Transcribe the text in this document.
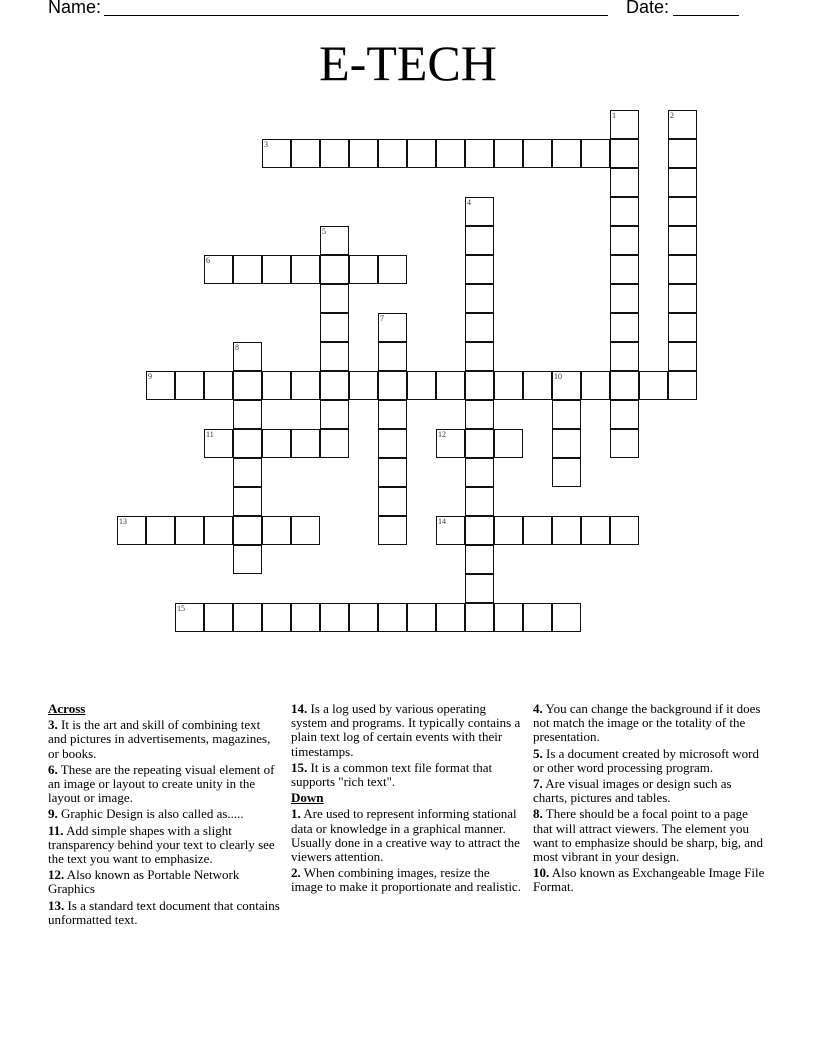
Name:	Date:
E-TECH
1	2
3
4
5
6
7
8
9	10
11	12
13	14
15
Across
3. It is the art and skill of combining text and pictures in advertisements, magazines, or books.
6. These are the repeating visual element of an image or layout to create unity in the layout or image.
9. Graphic Design is also called as.....
11. Add simple shapes with a slight transparency behind your text to clearly see the text you want to emphasize.
12. Also known as Portable Network Graphics
13. Is a standard text document that contains unformatted text.
14. Is a log used by various operating system and programs. It typically contains a plain text log of certain events with their timestamps.
15. It is a common text file format that supports "rich text".
Down
1. Are used to represent informing stational data or knowledge in a graphical manner. Usually done in a creative way to attract the viewers attention.
2. When combining images, resize the image to make it proportionate and realistic.
4. You can change the background if it does not match the image or the totality of the presentation.
5. Is a document created by microsoft word or other word processing program.
7. Are visual images or design such as charts, pictures and tables.
8. There should be a focal point to a page that will attract viewers. The element you want to emphasize should be sharp, big, and most vibrant in your design.
10. Also known as Exchangeable Image File Format.
